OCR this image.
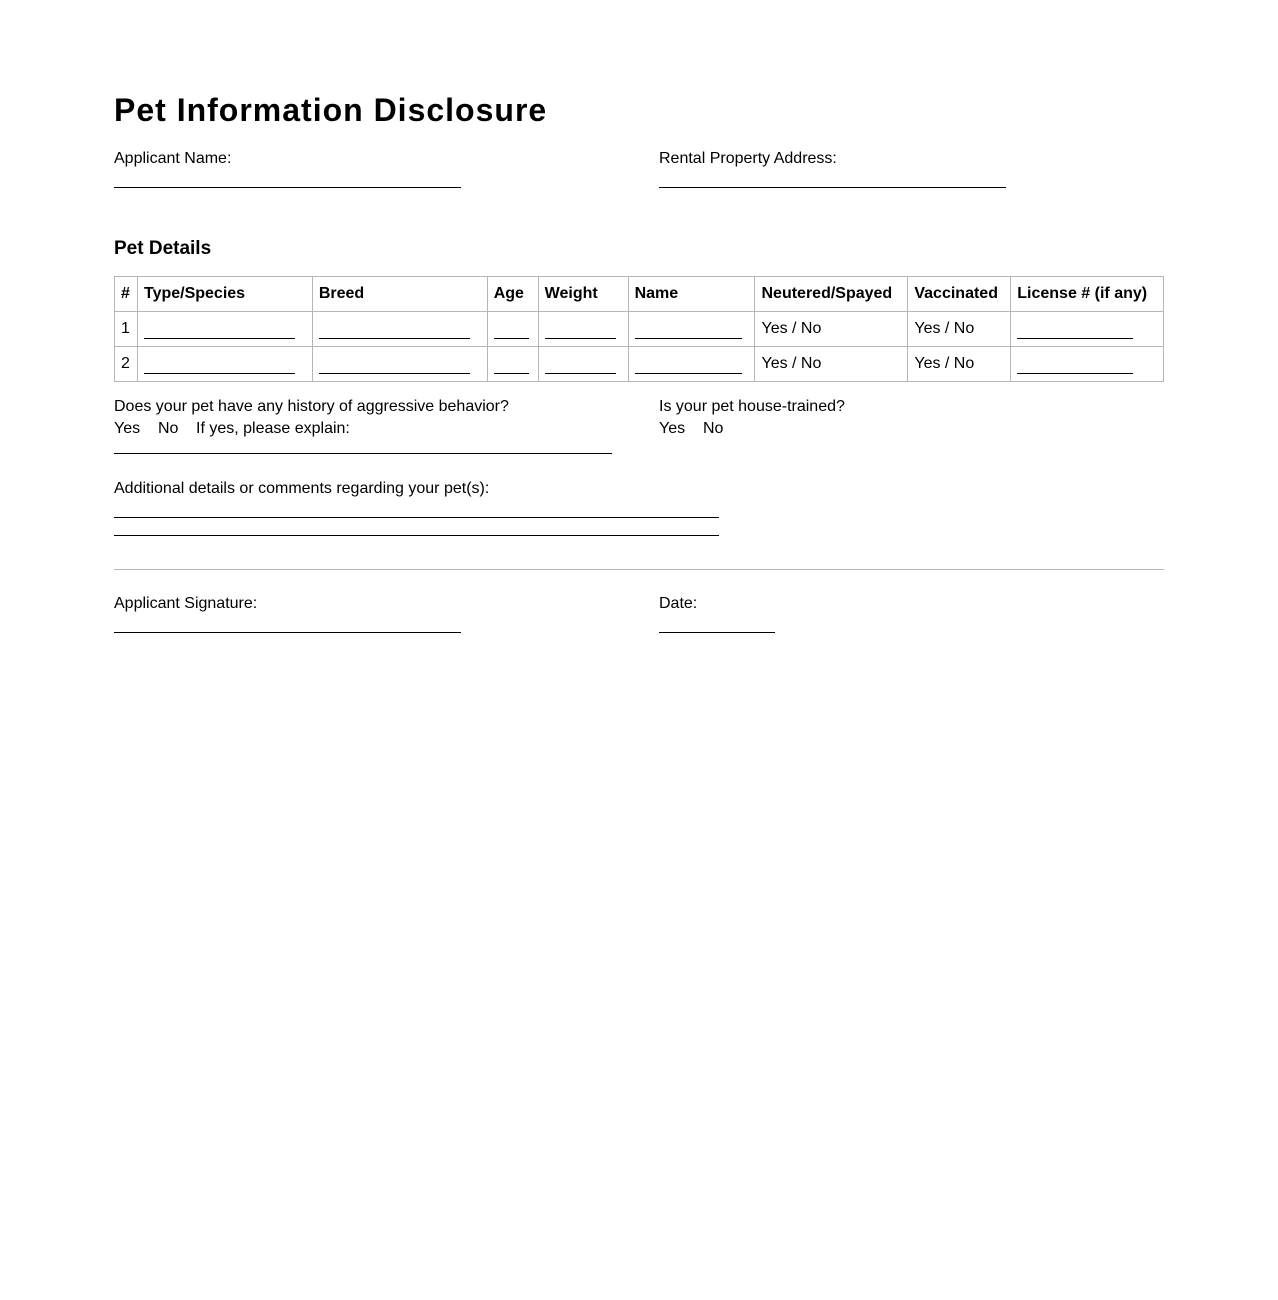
Pet Information Disclosure
Applicant Name:	Rental Property Address:
Pet Details
#	Type/Species	Breed	Age	Weight	Name	Neutered/Spayed	Vaccinated	License # (if any)
1						Yes / No	Yes / No	
2						Yes / No	Yes / No	
Does your pet have any history of aggressive behavior?
Yes No If yes, please explain:
Is your pet house-trained?
Yes No
Additional details or comments regarding your pet(s):
Applicant Signature:	Date:
